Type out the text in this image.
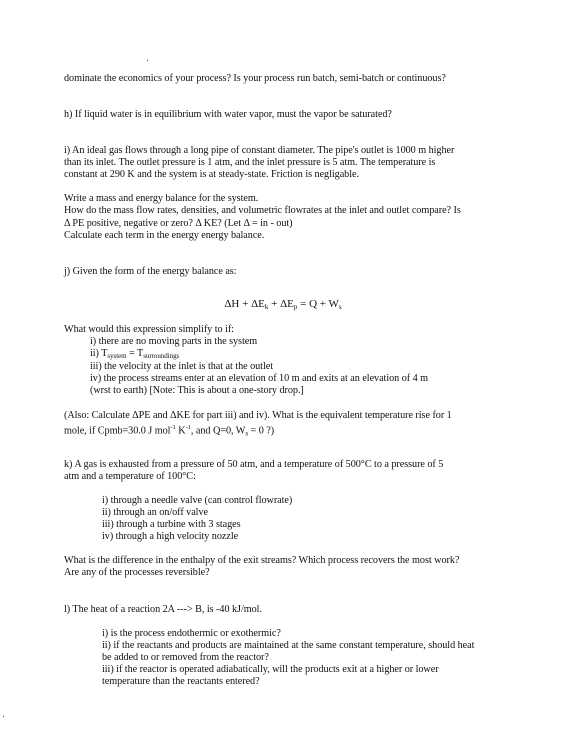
dominate the economics of your process? Is your process run batch, semi-batch or continuous?
h) If liquid water is in equilibrium with water vapor, must the vapor be saturated?
i) An ideal gas flows through a long pipe of constant diameter. The pipe's outlet is 1000 m higher
than its inlet. The outlet pressure is 1 atm, and the inlet pressure is 5 atm. The temperature is
constant at 290 K and the system is at steady-state. Friction is negligable.
Write a mass and energy balance for the system.
How do the mass flow rates, densities, and volumetric flowrates at the inlet and outlet compare? Is
Δ PE positive, negative or zero? Δ KE? (Let Δ = in - out)
Calculate each term in the energy energy balance.
j) Given the form of the energy balance as:
$\Delta H + \Delta E_k + \Delta E_p = Q + W_s$
What would this expression simplify to if:
i) there are no moving parts in the system
ii) $T_{system} = T_{surroundings}$
iii) the velocity at the inlet is that at the outlet
iv) the process streams enter at an elevation of 10 m and exits at an elevation of 4 m
(wrst to earth) [Note: This is about a one-story drop.]
(Also: Calculate ΔPE and ΔKE for part iii) and iv). What is the equivalent temperature rise for 1
mole, if Cpmb=30.0 J mol$^{-1}$ $K^{-1}$, and Q=0, $W_s = 0$ ?)
k) A gas is exhausted from a pressure of 50 atm, and a temperature of 500°C to a pressure of 5
atm and a temperature of 100°C:
i) through a needle valve (can control flowrate)
ii) through an on/off valve
iii) through a turbine with 3 stages
iv) through a high velocity nozzle
What is the difference in the enthalpy of the exit streams? Which process recovers the most work?
Are any of the processes reversible?
l) The heat of a reaction 2A ---> B, is -40 kJ/mol.
i) is the process endothermic or exothermic?
ii) if the reactants and products are maintained at the same constant temperature, should heat
be added to or removed from the reactor?
iii) if the reactor is operated adiabatically, will the products exit at a higher or lower
temperature than the reactants entered?
